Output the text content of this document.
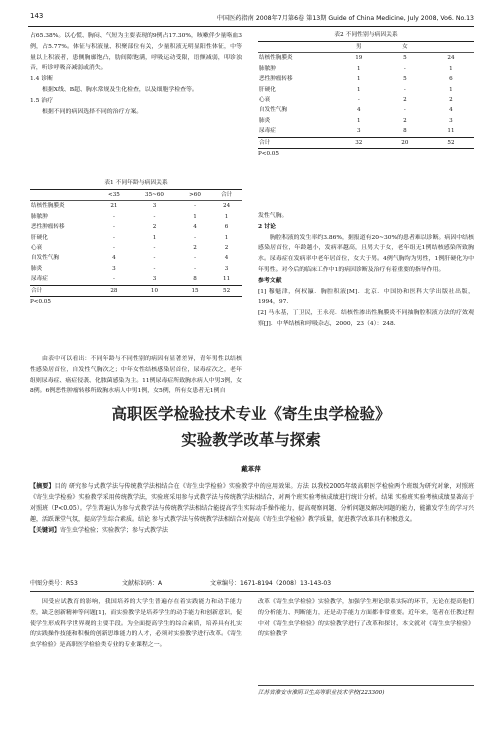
143	中国医药指南 2008年7月第6卷 第13期 Guide of China Medicine, July 2008, Vo6. No.13

占65.38%。以心慌、胸闷、气短为主要表现的9例占17.30%，咳嗽伴少量咯血3例，占5.77%。体征与积液量、积聚部位有关，少量积液无明显阳性体征，中等量以上积液者，患侧胸廓饱凸，肋间隙饱满，呼吸运动受限，语颤减弱，叩诊浊音，听诊呼吸音减弱或消失。

1.4 诊断

根据X线、B超、胸水常规及生化检查，以及细胞学检查等。

1.5 治疗

根据不同的病因选择不同的治疗方案。

表1 不同年龄与病因关系
	<35	35~60	>60	合计
结核性胸膜炎	21	3	-	24
肺脓肿	-	-	1	1
恶性肿瘤转移	-	2	4	6
肝硬化	-	1	-	1
心衰	-	-	2	2
自发性气胸	4	-	-	4
肺炎	3	-	-	3
尿毒症	-	3	8	11
合计	28	10	15	52
P<0.05

由表中可以看出：不同年龄与不同性别的病因有显著差异，青年男性以结核性感染居首位，自发性气胸次之；中年女性结核感染居首位，尿毒症次之，老年组则尿毒症、癌症侵袭、化脓菌感染为主。11例尿毒症所致胸水病人中男3例，女8例。6例恶性肿瘤转移所致胸水病人中男1例，女5例，所有女患者无1例自

表2 不同性别与病因关系
	男	女	
结核性胸膜炎	19	5	24
肺脓肿	1	-	1
恶性肿瘤转移	1	5	6
肝硬化	1	-	1
心衰	-	2	2
自发性气胸	4	-	4
肺炎	1	2	3
尿毒症	3	8	11
合计	32	20	52
P<0.05

发性气胸。

2 讨论

胸腔积液的发生率约3.86%，据报道有20~30%的患者难以诊断。病因中结核感染居首位，年龄越小，发病率越高，且男大于女，老年组无1例结核感染所致胸水。尿毒症在发病率中老年居首位，女大于男。4例气胸均为男性，1例肝硬化为中年男性。对今后的临床工作中1的病因诊断及治疗有着重要的指导作用。

参考文献

[1] 穆魁津，何权瀛．胸腔积液[M]．北京．中国协和医科大学出版社出版，1994，97.

[2] 马永基，丁卫民，王永亮．结核性渗出性胸膜炎不同抽胸腔积液方法的疗效观察[J]．中华结核和呼吸杂志，2000，23（4）：248.

高职医学检验技术专业《寄生虫学检验》
实验教学改革与探索
戴革萍
【摘要】目的 研究参与式教学法与传统教学法相结合在《寄生虫学检验》实验教学中的应用效果。方法 以我校2005年级高职医学检验两个班级为研究对象，对照班《寄生虫学检验》实验教学采用传统教学法，实验班采用参与式教学法与传统教学法相结合，对两个班实验考核成绩进行统计分析。结果 实验班实验考核成绩显著高于对照班（P<0.05）。学生普遍认为参与式教学法与传统教学法相结合能提高学生实际动手操作能力，提高观察问题、分析问题及解决问题的能力，能激发学生的学习兴趣，活跃课堂气氛，提高学生综合素质。结论 参与式教学法与传统教学法相结合对提高《寄生虫学检验》教学质量，促进教学改革具有积极意义。
【关键词】寄生虫学检验；实验教学；参与式教学法
中图分类号：R53	文献标识码：A	文章编号：1671-8194（2008）13-143-03

因受应试教育的影响，我国培养的大学生普遍存在着实践能力和动手能力差，缺乏创新精神等问题[1]，而实验教学是培养学生的动手能力和创新意识，促使学生形成科学世界观的主要手段。为全面提高学生的综合素质，培养具有扎实的实践操作技能和积极的创新思维能力的人才，必须对实验教学进行改革。《寄生虫学检验》是高职医学检验类专业的专业课程之一。

改革《寄生虫学检验》实验教学，加强学生理论联系实际的环节，无论在提高他们的分析能力、判断能力，还是动手能力方面都非常重要。近年来，笔者在任教过程中对《寄生虫学检验》的实验教学进行了改革和探讨，本文就对《寄生虫学检验》的实验教学

江苏省淮安市淮阴卫生高等职业技术学校(223300)
